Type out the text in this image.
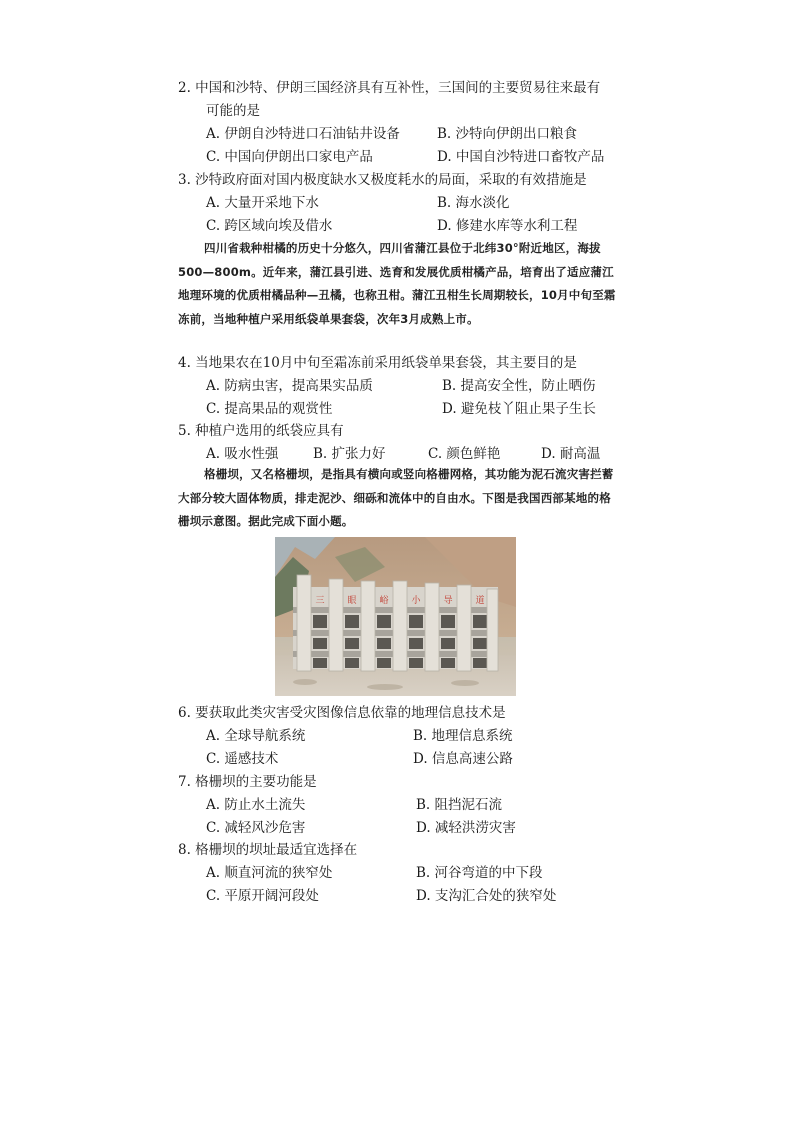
2. 中国和沙特、伊朗三国经济具有互补性，三国间的主要贸易往来最有
可能的是
A. 伊朗自沙特进口石油钻井设备	B. 沙特向伊朗出口粮食
C. 中国向伊朗出口家电产品	D. 中国自沙特进口畜牧产品
3. 沙特政府面对国内极度缺水又极度耗水的局面，采取的有效措施是
A. 大量开采地下水	B. 海水淡化
C. 跨区域向埃及借水	D. 修建水库等水利工程
四川省栽种柑橘的历史十分悠久，四川省蒲江县位于北纬30°附近地区，海拔500—800m。近年来，蒲江县引进、选育和发展优质柑橘产品，培育出了适应蒲江地理环境的优质柑橘品种—丑橘，也称丑柑。蒲江丑柑生长周期较长，10月中旬至霜冻前，当地种植户采用纸袋单果套袋，次年3月成熟上市。
4. 当地果农在10月中旬至霜冻前采用纸袋单果套袋，其主要目的是
A. 防病虫害，提高果实品质	B. 提高安全性，防止晒伤
C. 提高果品的观赏性	D. 避免枝丫阻止果子生长
5. 种植户选用的纸袋应具有
A. 吸水性强	B. 扩张力好	C. 颜色鲜艳	D. 耐高温
格栅坝，又名格栅坝，是指具有横向或竖向格栅网格，其功能为泥石流灾害拦蓄大部分较大固体物质，排走泥沙、细砾和流体中的自由水。下图是我国西部某地的格栅坝示意图。据此完成下面小题。
三	眼	峪	小	导	道
6. 要获取此类灾害受灾图像信息依靠的地理信息技术是
A. 全球导航系统	B. 地理信息系统
C. 遥感技术	D. 信息高速公路
7. 格栅坝的主要功能是
A. 防止水土流失	B. 阻挡泥石流
C. 减轻风沙危害	D. 减轻洪涝灾害
8. 格栅坝的坝址最适宜选择在
A. 顺直河流的狭窄处	B. 河谷弯道的中下段
C. 平原开阔河段处	D. 支沟汇合处的狭窄处
